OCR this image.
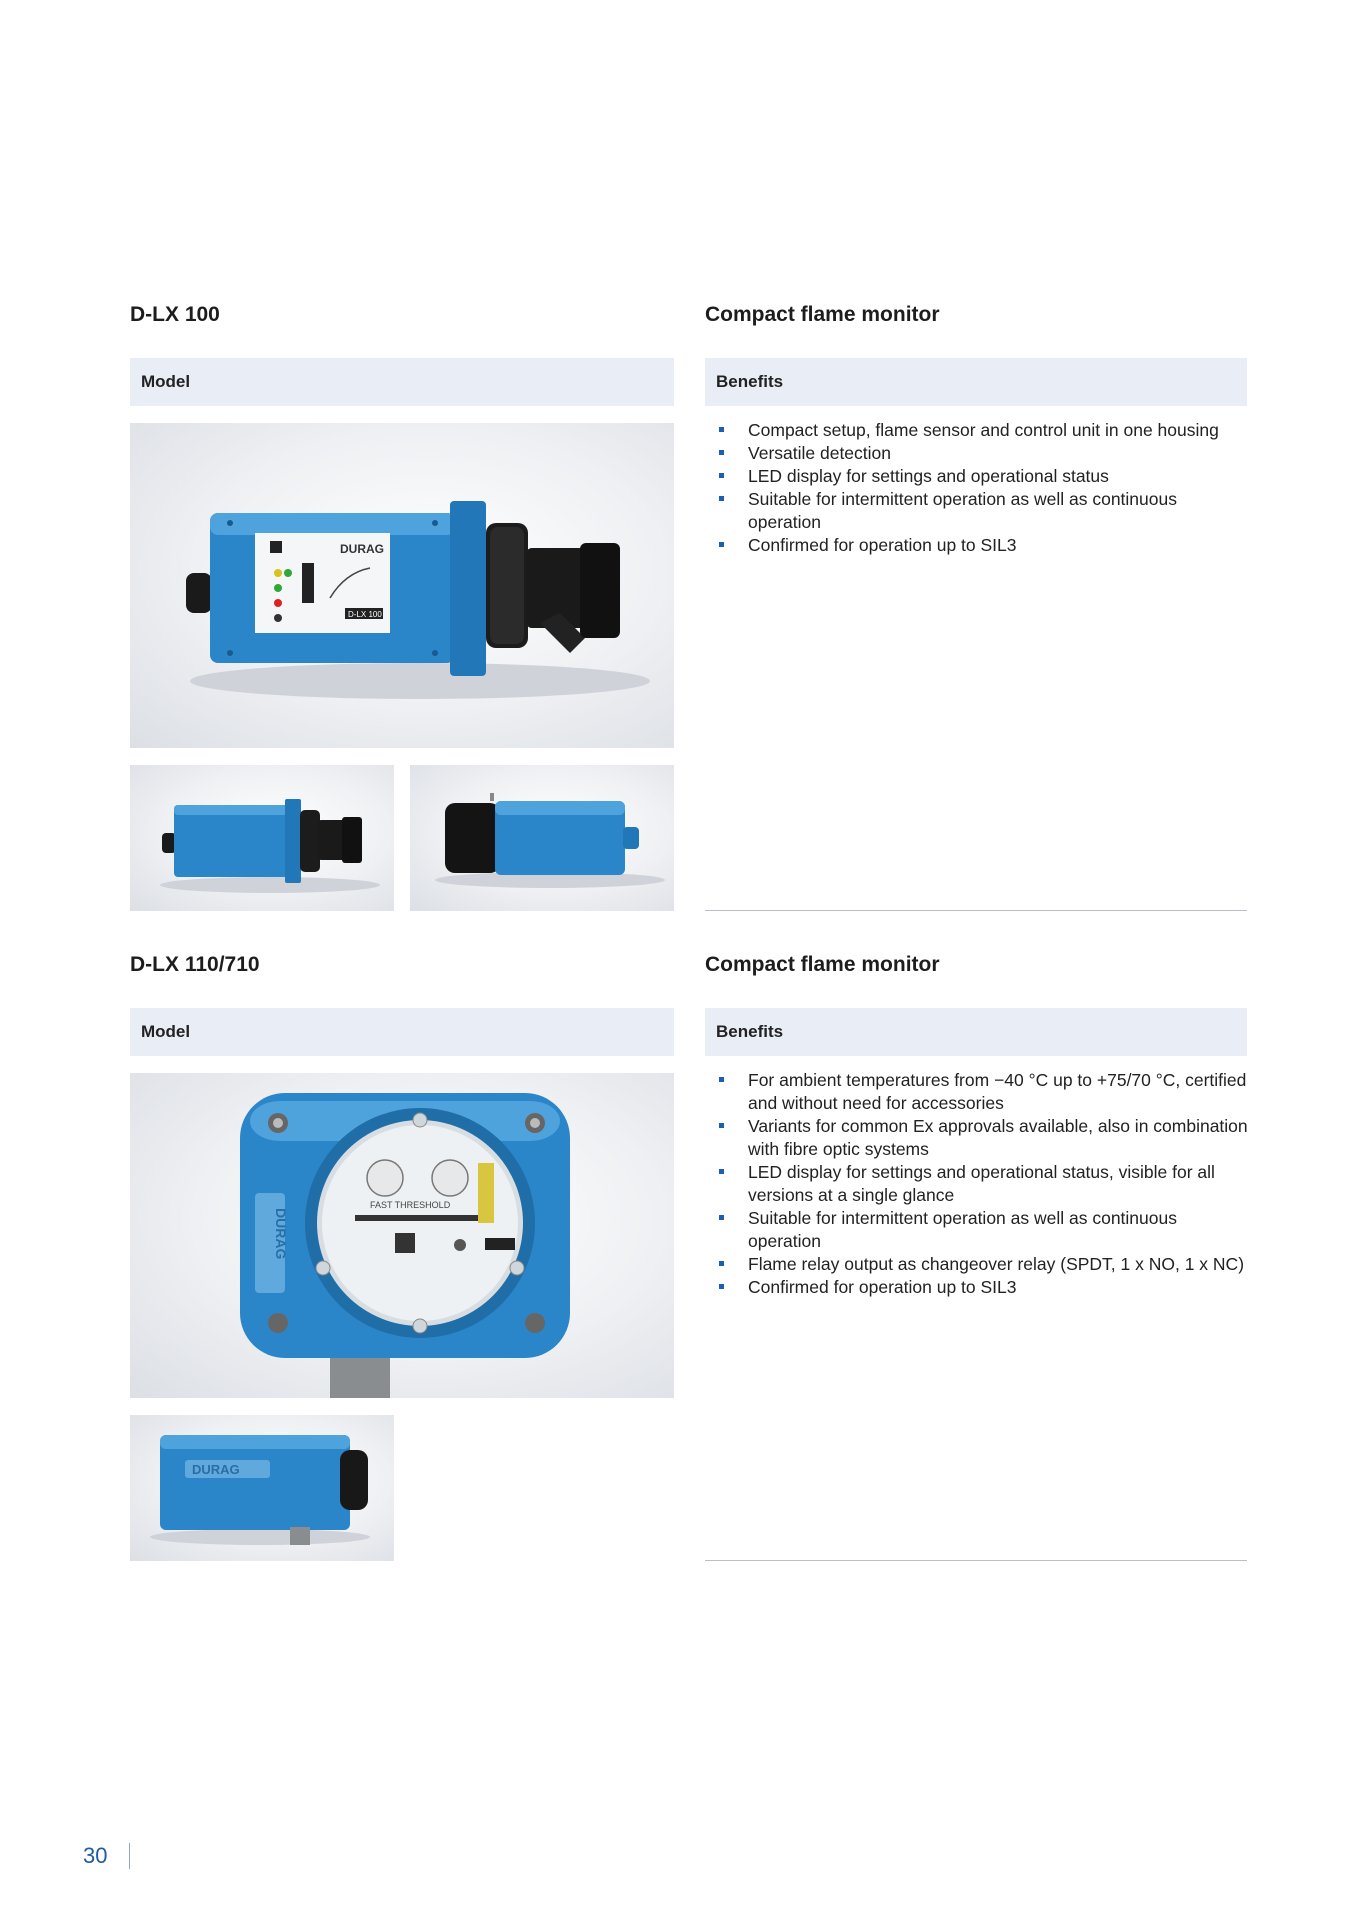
D-LX 100	Compact flame monitor
Model	Benefits
DURAG
D-LX 100
Compact setup, flame sensor and control unit in one housing
Versatile detection
LED display for settings and operational status
Suitable for intermittent operation as well as continuous operation
Confirmed for operation up to SIL3
D-LX 110/710	Compact flame monitor
Model	Benefits
DURAG
FAST THRESHOLD
DURAG
For ambient temperatures from −40 °C up to +75/70 °C, certified and without need for accessories
Variants for common Ex approvals available, also in combination with fibre optic systems
LED display for settings and operational status, visible for all versions at a single glance
Suitable for intermittent operation as well as continuous operation
Flame relay output as changeover relay (SPDT, 1 x NO, 1 x NC)
Confirmed for operation up to SIL3
30
